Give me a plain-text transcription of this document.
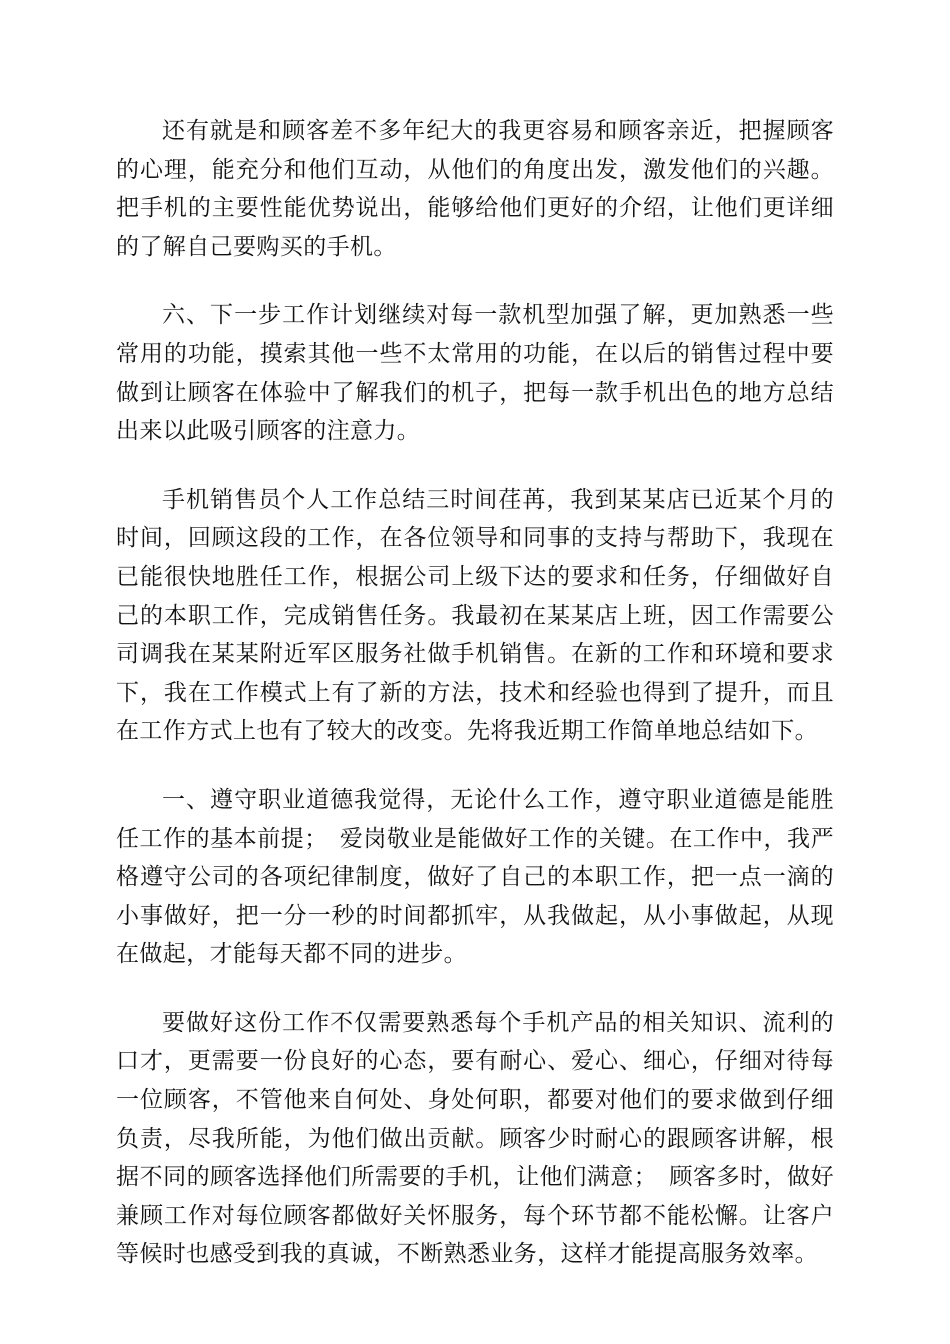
还有就是和顾客差不多年纪大的我更容易和顾客亲近，把握顾客的心理，能充分和他们互动，从他们的角度出发，激发他们的兴趣。把手机的主要性能优势说出，能够给他们更好的介绍，让他们更详细的了解自己要购买的手机。

六、下一步工作计划继续对每一款机型加强了解，更加熟悉一些常用的功能，摸索其他一些不太常用的功能，在以后的销售过程中要做到让顾客在体验中了解我们的机子，把每一款手机出色的地方总结出来以此吸引顾客的注意力。

手机销售员个人工作总结三时间荏苒，我到某某店已近某个月的时间，回顾这段的工作，在各位领导和同事的支持与帮助下，我现在已能很快地胜任工作，根据公司上级下达的要求和任务，仔细做好自己的本职工作，完成销售任务。我最初在某某店上班，因工作需要公司调我在某某附近军区服务社做手机销售。在新的工作和环境和要求下，我在工作模式上有了新的方法，技术和经验也得到了提升，而且在工作方式上也有了较大的改变。先将我近期工作简单地总结如下。

一、遵守职业道德我觉得，无论什么工作，遵守职业道德是能胜任工作的基本前提；　爱岗敬业是能做好工作的关键。在工作中，我严格遵守公司的各项纪律制度，做好了自己的本职工作，把一点一滴的小事做好，把一分一秒的时间都抓牢，从我做起，从小事做起，从现在做起，才能每天都不同的进步。

要做好这份工作不仅需要熟悉每个手机产品的相关知识、流利的口才，更需要一份良好的心态，要有耐心、爱心、细心，仔细对待每一位顾客，不管他来自何处、身处何职，都要对他们的要求做到仔细负责，尽我所能，为他们做出贡献。顾客少时耐心的跟顾客讲解，根据不同的顾客选择他们所需要的手机，让他们满意；　顾客多时，做好兼顾工作对每位顾客都做好关怀服务，每个环节都不能松懈。让客户等候时也感受到我的真诚，不断熟悉业务，这样才能提高服务效率。
